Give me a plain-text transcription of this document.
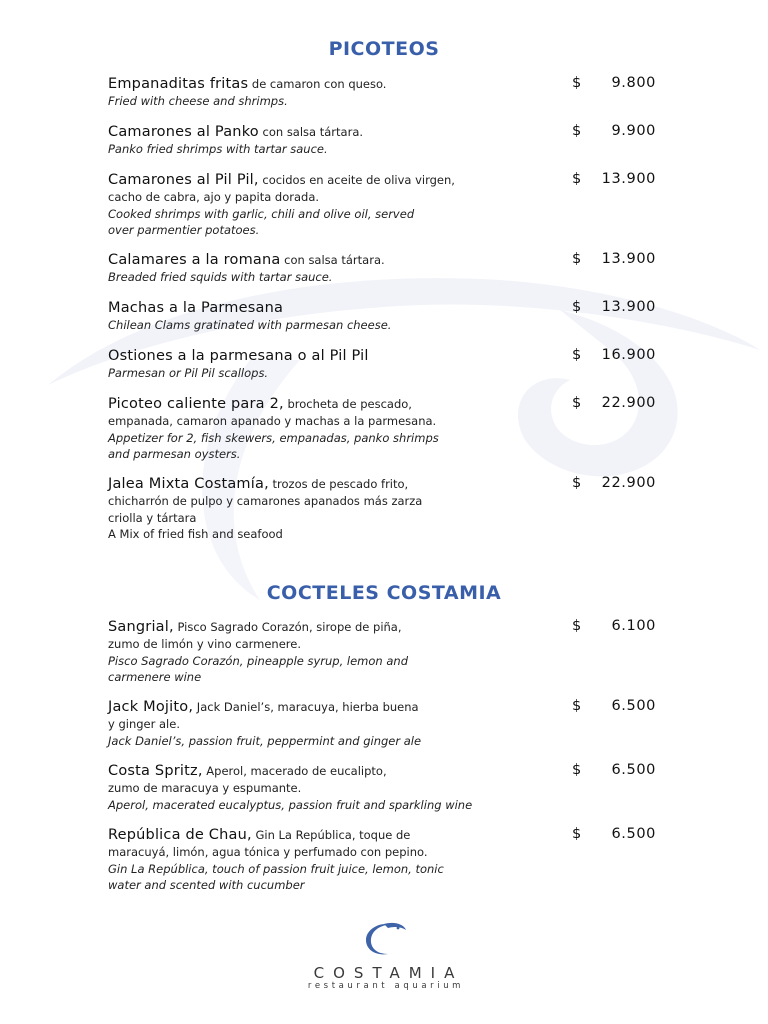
PICOTEOS
Empanaditas fritas de camaron con queso.
Fried with cheese and shrimps.
$ 9.800
Camarones al Panko con salsa tártara.
Panko fried shrimps with tartar sauce.
$ 9.900
Camarones al Pil Pil, cocidos en aceite de oliva virgen,
cacho de cabra, ajo y papita dorada.
Cooked shrimps with garlic, chili and olive oil, served
over parmentier potatoes.
$ 13.900
Calamares a la romana con salsa tártara.
Breaded fried squids with tartar sauce.
$ 13.900
Machas a la Parmesana
Chilean Clams gratinated with parmesan cheese.
$ 13.900
Ostiones a la parmesana o al Pil Pil
Parmesan or Pil Pil scallops.
$ 16.900
Picoteo caliente para 2, brocheta de pescado,
empanada, camaron apanado y machas a la parmesana.
Appetizer for 2, fish skewers, empanadas, panko shrimps
and parmesan oysters.
$ 22.900
Jalea Mixta Costamía, trozos de pescado frito,
chicharrón de pulpo y camarones apanados más zarza
criolla y tártara
A Mix of fried fish and seafood
$ 22.900
COCTELES COSTAMIA
Sangrial, Pisco Sagrado Corazón, sirope de piña,
zumo de limón y vino carmenere.
Pisco Sagrado Corazón, pineapple syrup, lemon and
carmenere wine
$ 6.100
Jack Mojito, Jack Daniel’s, maracuya, hierba buena
y ginger ale.
Jack Daniel’s, passion fruit, peppermint and ginger ale
$ 6.500
Costa Spritz, Aperol, macerado de eucalipto,
zumo de maracuya y espumante.
Aperol, macerated eucalyptus, passion fruit and sparkling wine
$ 6.500
República de Chau, Gin La República, toque de
maracuyá, limón, agua tónica y perfumado con pepino.
Gin La República, touch of passion fruit juice, lemon, tonic
water and scented with cucumber
$ 6.500
COSTAMIA
restaurant aquarium
